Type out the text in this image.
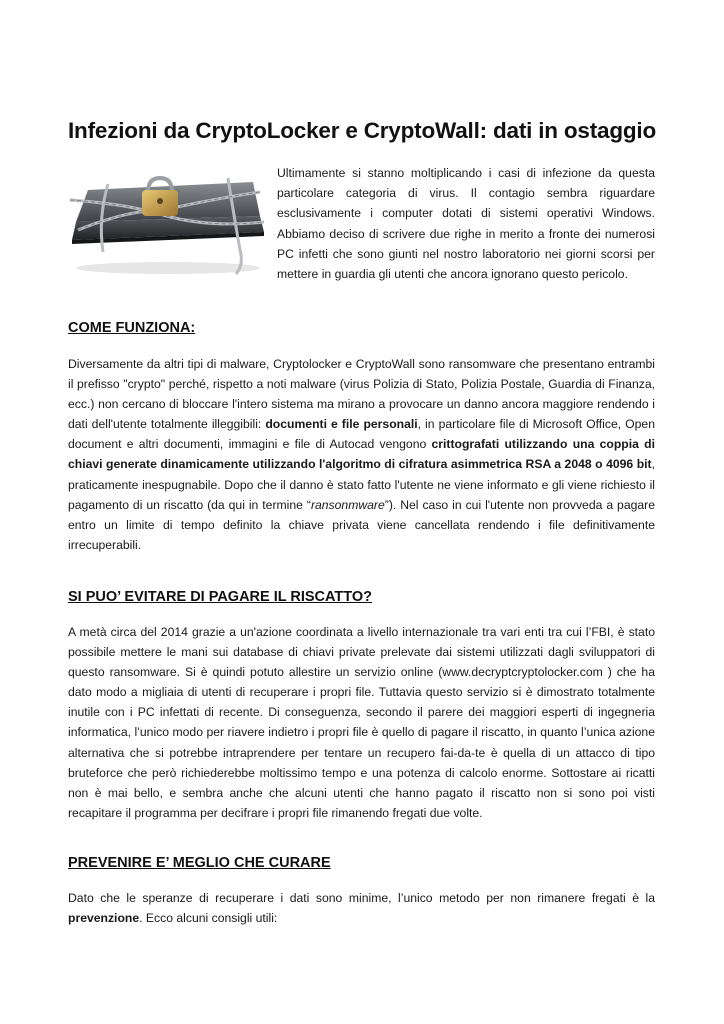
Infezioni da CryptoLocker e CryptoWall: dati in ostaggio

Ultimamente si stanno moltiplicando i casi di infezione da questa particolare categoria di virus. Il contagio sembra riguardare esclusivamente i computer dotati di sistemi operativi Windows. Abbiamo deciso di scrivere due righe in merito a fronte dei numerosi PC infetti che sono giunti nel nostro laboratorio nei giorni scorsi per mettere in guardia gli utenti che ancora ignorano questo pericolo.

COME FUNZIONA:

Diversamente da altri tipi di malware, Cryptolocker e CryptoWall sono ransomware che presentano entrambi il prefisso "crypto" perché, rispetto a noti malware (virus Polizia di Stato, Polizia Postale, Guardia di Finanza, ecc.) non cercano di bloccare l'intero sistema ma mirano a provocare un danno ancora maggiore rendendo i dati dell'utente totalmente illeggibili: documenti e file personali, in particolare file di Microsoft Office, Open document e altri documenti, immagini e file di Autocad vengono crittografati utilizzando una coppia di chiavi generate dinamicamente utilizzando l'algoritmo di cifratura asimmetrica RSA a 2048 o 4096 bit, praticamente inespugnabile. Dopo che il danno è stato fatto l'utente ne viene informato e gli viene richiesto il pagamento di un riscatto (da qui in termine “ransonmware”). Nel caso in cui l'utente non provveda a pagare entro un limite di tempo definito la chiave privata viene cancellata rendendo i file definitivamente irrecuperabili.

SI PUO’ EVITARE DI PAGARE IL RISCATTO?

A metà circa del 2014 grazie a un'azione coordinata a livello internazionale tra vari enti tra cui l’FBI, è stato possibile mettere le mani sui database di chiavi private prelevate dai sistemi utilizzati dagli sviluppatori di questo ransomware. Si è quindi potuto allestire un servizio online (www.decryptcryptolocker.com ) che ha dato modo a migliaia di utenti di recuperare i propri file. Tuttavia questo servizio si è dimostrato totalmente inutile con i PC infettati di recente. Di conseguenza, secondo il parere dei maggiori esperti di ingegneria informatica, l’unico modo per riavere indietro i propri file è quello di pagare il riscatto, in quanto l’unica azione alternativa che si potrebbe intraprendere per tentare un recupero fai-da-te è quella di un attacco di tipo bruteforce che però richiederebbe moltissimo tempo e una potenza di calcolo enorme. Sottostare ai ricatti non è mai bello, e sembra anche che alcuni utenti che hanno pagato il riscatto non si sono poi visti recapitare il programma per decifrare i propri file rimanendo fregati due volte.

PREVENIRE E’ MEGLIO CHE CURARE

Dato che le speranze di recuperare i dati sono minime, l’unico metodo per non rimanere fregati è la prevenzione. Ecco alcuni consigli utili:
